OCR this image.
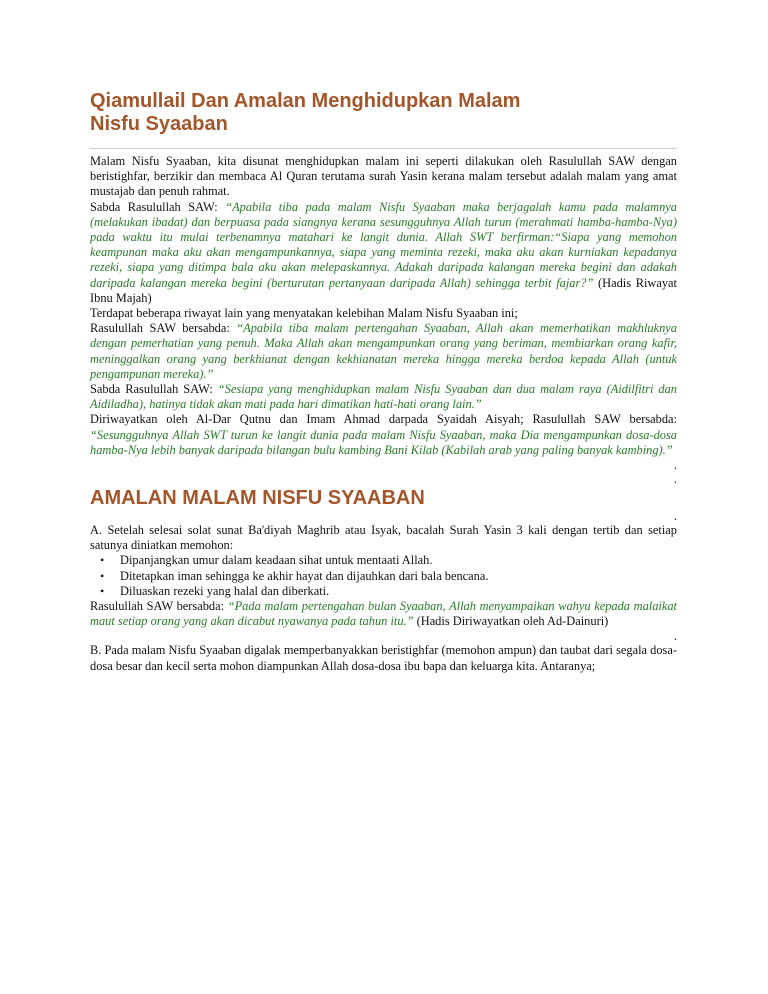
Qiamullail Dan Amalan Menghidupkan Malam
Nisfu Syaaban

Malam Nisfu Syaaban, kita disunat menghidupkan malam ini seperti dilakukan oleh Rasulullah SAW dengan beristighfar, berzikir dan membaca Al Quran terutama surah Yasin kerana malam tersebut adalah malam yang amat mustajab dan penuh rahmat.

Sabda Rasulullah SAW: “Apabila tiba pada malam Nisfu Syaaban maka berjagalah kamu pada malamnya (melakukan ibadat) dan berpuasa pada siangnya kerana sesungguhnya Allah turun (merahmati hamba-hamba-Nya) pada waktu itu mulai terbenamnya matahari ke langit dunia. Allah SWT berfirman:“Siapa yang memohon keampunan maka aku akan mengampunkannya, siapa yang meminta rezeki, maka aku akan kurniakan kepadanya rezeki, siapa yang ditimpa bala aku akan melepaskannya. Adakah daripada kalangan mereka begini dan adakah daripada kalangan mereka begini (berturutan pertanyaan daripada Allah) sehingga terbit fajar?” (Hadis Riwayat Ibnu Majah)

Terdapat beberapa riwayat lain yang menyatakan kelebihan Malam Nisfu Syaaban ini;

Rasulullah SAW bersabda: “Apabila tiba malam pertengahan Syaaban, Allah akan memerhatikan makhluknya dengan pemerhatian yang penuh. Maka Allah akan mengampunkan orang yang beriman, membiarkan orang kafir, meninggalkan orang yang berkhianat dengan kekhianatan mereka hingga mereka berdoa kepada Allah (untuk pengampunan mereka).”

Sabda Rasulullah SAW: “Sesiapa yang menghidupkan malam Nisfu Syaaban dan dua malam raya (Aidilfitri dan Aidiladha), hatinya tidak akan mati pada hari dimatikan hati-hati orang lain.”

Diriwayatkan oleh Al-Dar Qutnu dan Imam Ahmad darpada Syaidah Aisyah; Rasulullah SAW bersabda: “Sesungguhnya Allah SWT turun ke langit dunia pada malam Nisfu Syaaban, maka Dia mengampunkan dosa-dosa hamba-Nya lebih banyak daripada bilangan bulu kambing Bani Kilab (Kabilah arab yang paling banyak kambing).”

.
.
AMALAN MALAM NISFU SYAABAN
.

A. Setelah selesai solat sunat Ba'diyah Maghrib atau Isyak, bacalah Surah Yasin 3 kali dengan tertib dan setiap satunya diniatkan memohon:

• Dipanjangkan umur dalam keadaan sihat untuk mentaati Allah.
• Ditetapkan iman sehingga ke akhir hayat dan dijauhkan dari bala bencana.
• Diluaskan rezeki yang halal dan diberkati.

Rasulullah SAW bersabda: “Pada malam pertengahan bulan Syaaban, Allah menyampaikan wahyu kepada malaikat maut setiap orang yang akan dicabut nyawanya pada tahun itu.” (Hadis Diriwayatkan oleh Ad-Dainuri)

.

B. Pada malam Nisfu Syaaban digalak memperbanyakkan beristighfar (memohon ampun) dan taubat dari segala dosa-dosa besar dan kecil serta mohon diampunkan Allah dosa-dosa ibu bapa dan keluarga kita. Antaranya;
